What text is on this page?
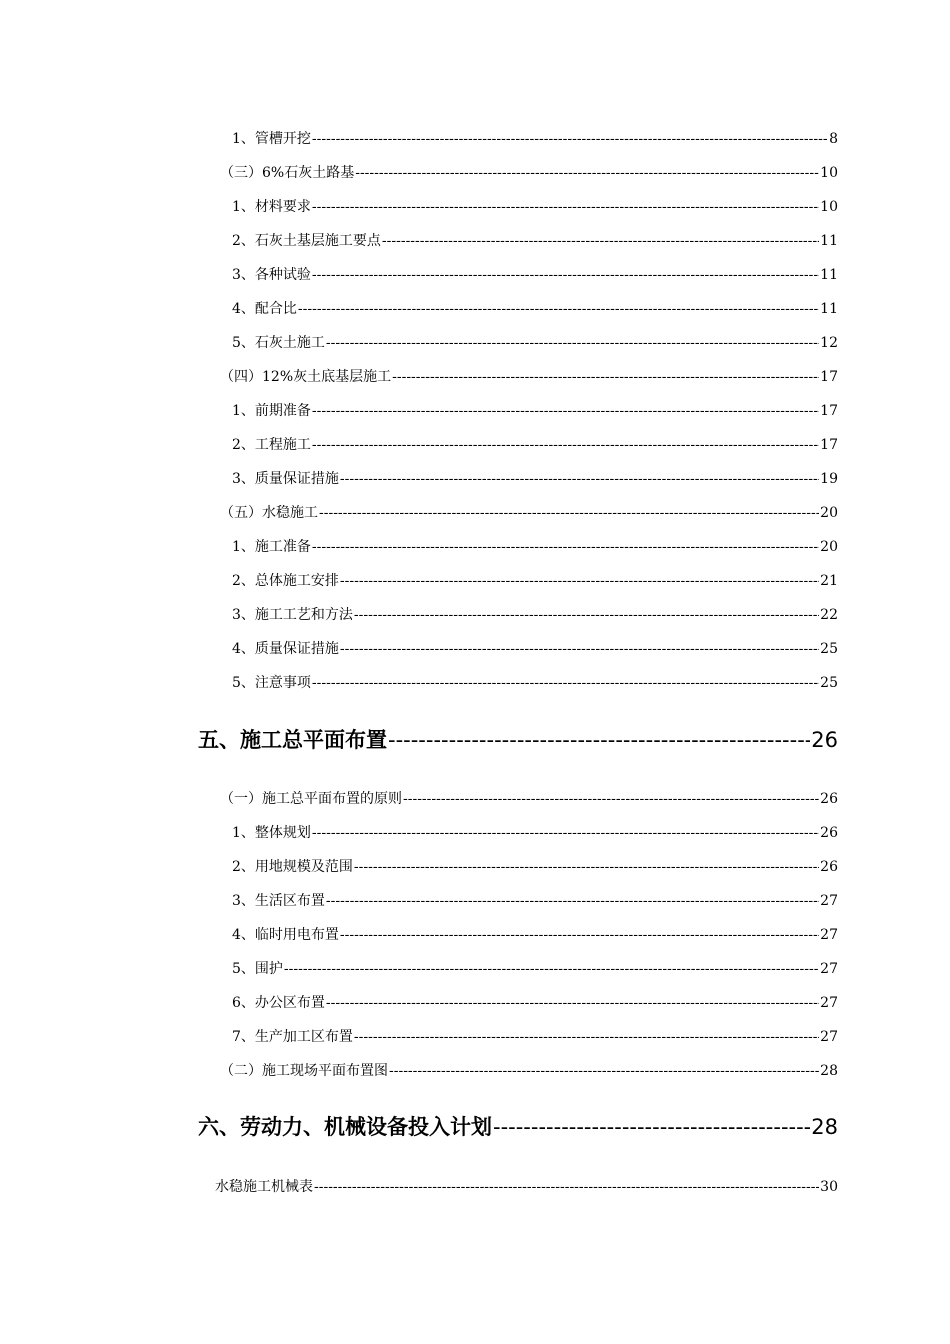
1、管槽开挖 -----	8
（三）6%石灰土路基 -----	10
1、材料要求 -----	10
2、石灰土基层施工要点 -----	11
3、各种试验 -----	11
4、配合比 -----	11
5、石灰土施工 -----	12
（四）12%灰土底基层施工 -----	17
1、前期准备 -----	17
2、工程施工 -----	17
3、质量保证措施 -----	19
（五）水稳施工 -----	20
1、施工准备 -----	20
2、总体施工安排 -----	21
3、施工工艺和方法 -----	22
4、质量保证措施 -----	25
5、注意事项 -----	25
五、施工总平面布置 -----	26
（一）施工总平面布置的原则 -----	26
1、整体规划 -----	26
2、用地规模及范围 -----	26
3、生活区布置 -----	27
4、临时用电布置 -----	27
5、围护 -----	27
6、办公区布置 -----	27
7、生产加工区布置 -----	27
（二）施工现场平面布置图 -----	28
六、劳动力、机械设备投入计划 -----	28
水稳施工机械表 -----	30
